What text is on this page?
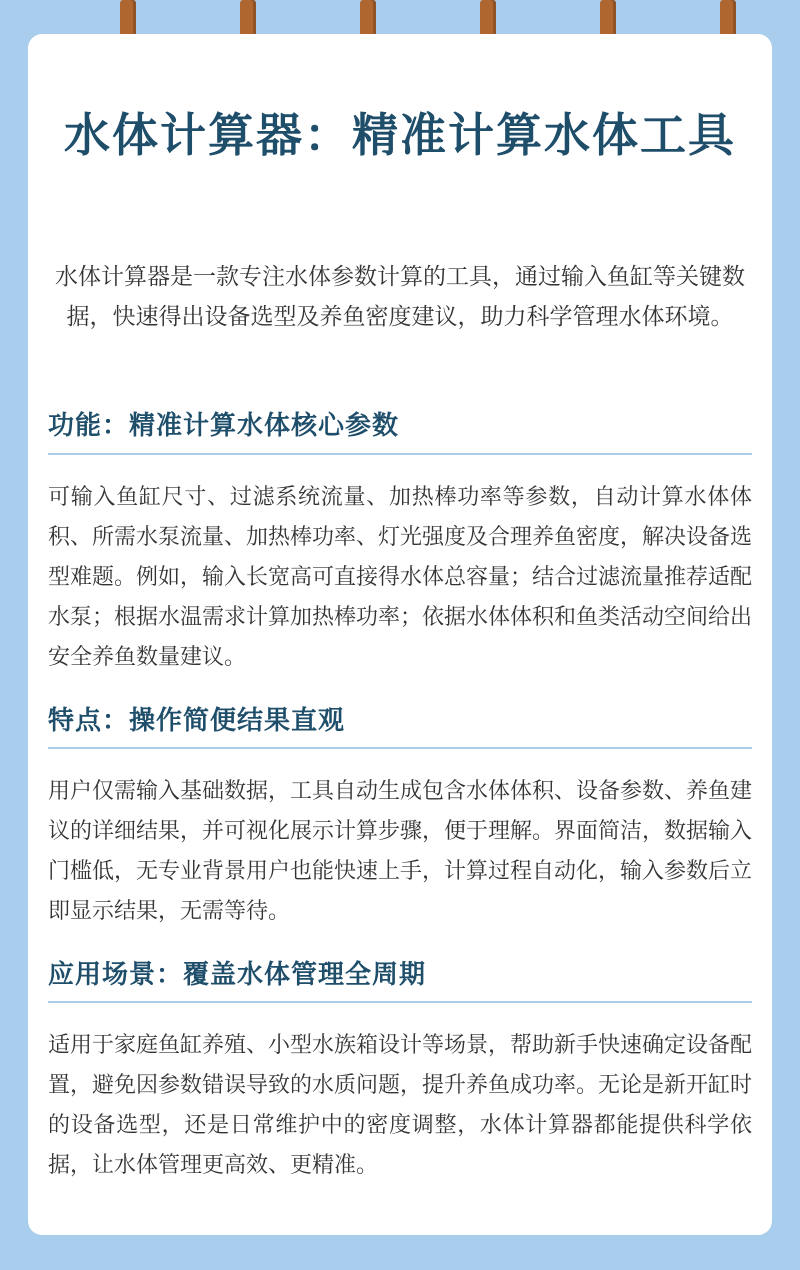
水体计算器：精准计算水体工具

水体计算器是一款专注水体参数计算的工具，通过输入鱼缸等关键数据，快速得出设备选型及养鱼密度建议，助力科学管理水体环境。

功能：精准计算水体核心参数

可输入鱼缸尺寸、过滤系统流量、加热棒功率等参数，自动计算水体体积、所需水泵流量、加热棒功率、灯光强度及合理养鱼密度，解决设备选型难题。例如，输入长宽高可直接得水体总容量；结合过滤流量推荐适配水泵；根据水温需求计算加热棒功率；依据水体体积和鱼类活动空间给出安全养鱼数量建议。

特点：操作简便结果直观

用户仅需输入基础数据，工具自动生成包含水体体积、设备参数、养鱼建议的详细结果，并可视化展示计算步骤，便于理解。界面简洁，数据输入门槛低，无专业背景用户也能快速上手，计算过程自动化，输入参数后立即显示结果，无需等待。

应用场景：覆盖水体管理全周期

适用于家庭鱼缸养殖、小型水族箱设计等场景，帮助新手快速确定设备配置，避免因参数错误导致的水质问题，提升养鱼成功率。无论是新开缸时的设备选型，还是日常维护中的密度调整，水体计算器都能提供科学依据，让水体管理更高效、更精准。
